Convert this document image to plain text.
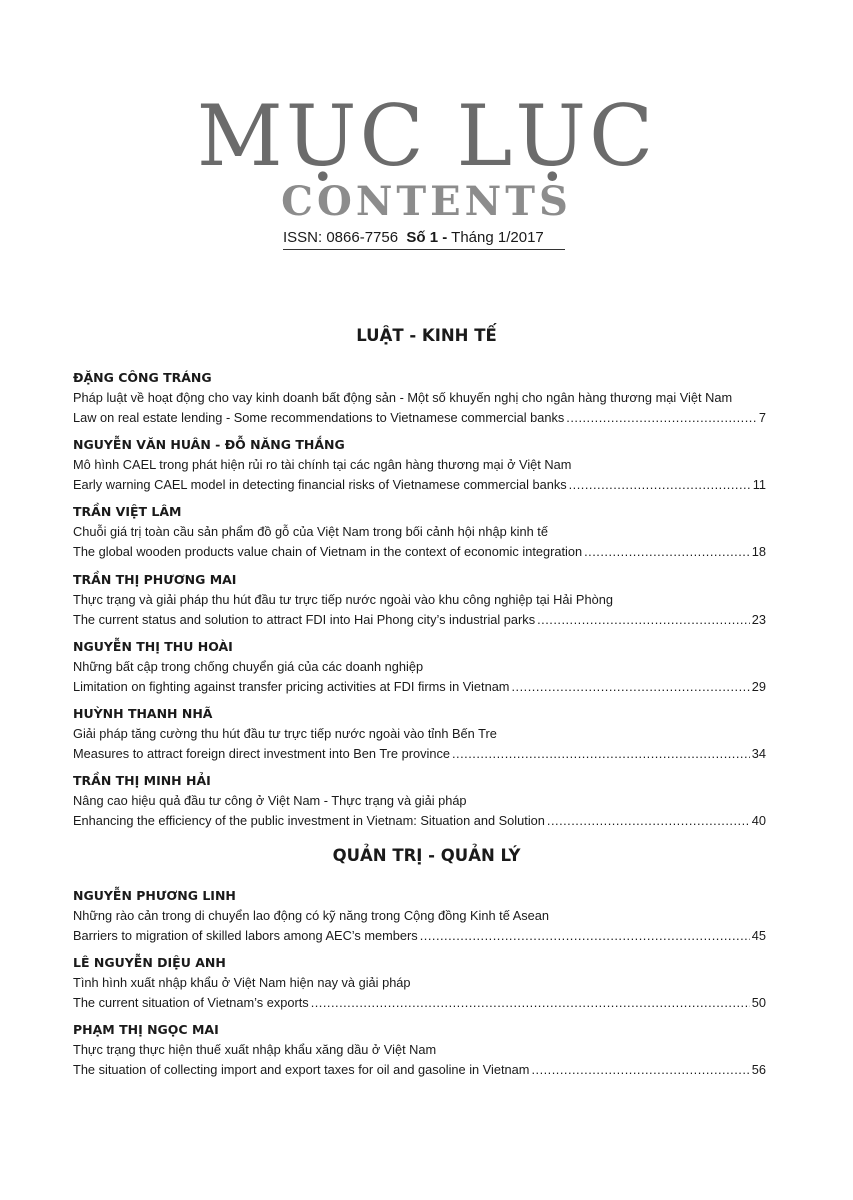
MỤC LỤC
CONTENTS
ISSN: 0866-7756 Số 1 - Tháng 1/2017
LUẬT - KINH TẾ
ĐẶNG CÔNG TRÁNG
Pháp luật về hoạt động cho vay kinh doanh bất động sản - Một số khuyến nghị cho ngân hàng thương mại Việt Nam
Law on real estate lending - Some recommendations to Vietnamese commercial banks .....	7
NGUYỄN VĂN HUÂN - ĐỖ NĂNG THẮNG
Mô hình CAEL trong phát hiện rủi ro tài chính tại các ngân hàng thương mại ở Việt Nam
Early warning CAEL model in detecting financial risks of Vietnamese commercial banks .....	11
TRẦN VIỆT LÂM
Chuỗi giá trị toàn cầu sản phẩm đồ gỗ của Việt Nam trong bối cảnh hội nhập kinh tế
The global wooden products value chain of Vietnam in the context of economic integration .....	18
TRẦN THỊ PHƯƠNG MAI
Thực trạng và giải pháp thu hút đầu tư trực tiếp nước ngoài vào khu công nghiệp tại Hải Phòng
The current status and solution to attract FDI into Hai Phong city’s industrial parks .....	23
NGUYỄN THỊ THU HOÀI
Những bất cập trong chống chuyển giá của các doanh nghiệp
Limitation on fighting against transfer pricing activities at FDI firms in Vietnam .....	29
HUỲNH THANH NHÃ
Giải pháp tăng cường thu hút đầu tư trực tiếp nước ngoài vào tỉnh Bến Tre
Measures to attract foreign direct investment into Ben Tre province .....	34
TRẦN THỊ MINH HẢI
Nâng cao hiệu quả đầu tư công ở Việt Nam - Thực trạng và giải pháp
Enhancing the efficiency of the public investment in Vietnam: Situation and Solution .....	40
QUẢN TRỊ - QUẢN LÝ
NGUYỄN PHƯƠNG LINH
Những rào cản trong di chuyển lao động có kỹ năng trong Cộng đồng Kinh tế Asean
Barriers to migration of skilled labors among AEC’s members .....	45
LÊ NGUYỄN DIỆU ANH
Tình hình xuất nhập khẩu ở Việt Nam hiện nay và giải pháp
The current situation of Vietnam’s exports .....	50
PHẠM THỊ NGỌC MAI
Thực trạng thực hiện thuế xuất nhập khẩu xăng dầu ở Việt Nam
The situation of collecting import and export taxes for oil and gasoline in Vietnam .....	56
